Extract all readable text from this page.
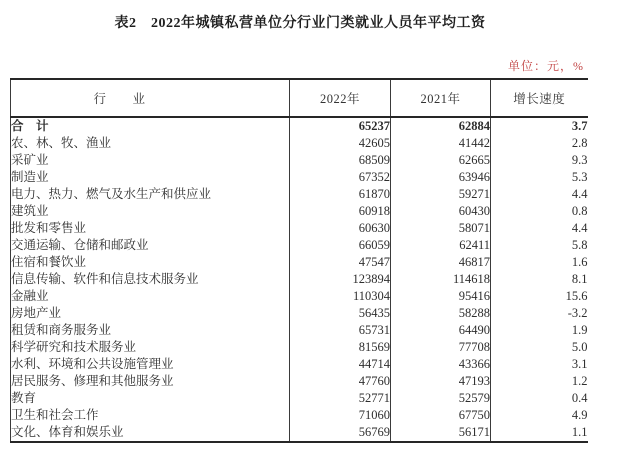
表2　2022年城镇私营单位分行业门类就业人员年平均工资
单位：元，%
行　　业	2022年	2021年	增长速度
合　计	65237	62884	3.7
农、林、牧、渔业	42605	41442	2.8
采矿业	68509	62665	9.3
制造业	67352	63946	5.3
电力、热力、燃气及水生产和供应业	61870	59271	4.4
建筑业	60918	60430	0.8
批发和零售业	60630	58071	4.4
交通运输、仓储和邮政业	66059	62411	5.8
住宿和餐饮业	47547	46817	1.6
信息传输、软件和信息技术服务业	123894	114618	8.1
金融业	110304	95416	15.6
房地产业	56435	58288	-3.2
租赁和商务服务业	65731	64490	1.9
科学研究和技术服务业	81569	77708	5.0
水利、环境和公共设施管理业	44714	43366	3.1
居民服务、修理和其他服务业	47760	47193	1.2
教育	52771	52579	0.4
卫生和社会工作	71060	67750	4.9
文化、体育和娱乐业	56769	56171	1.1
